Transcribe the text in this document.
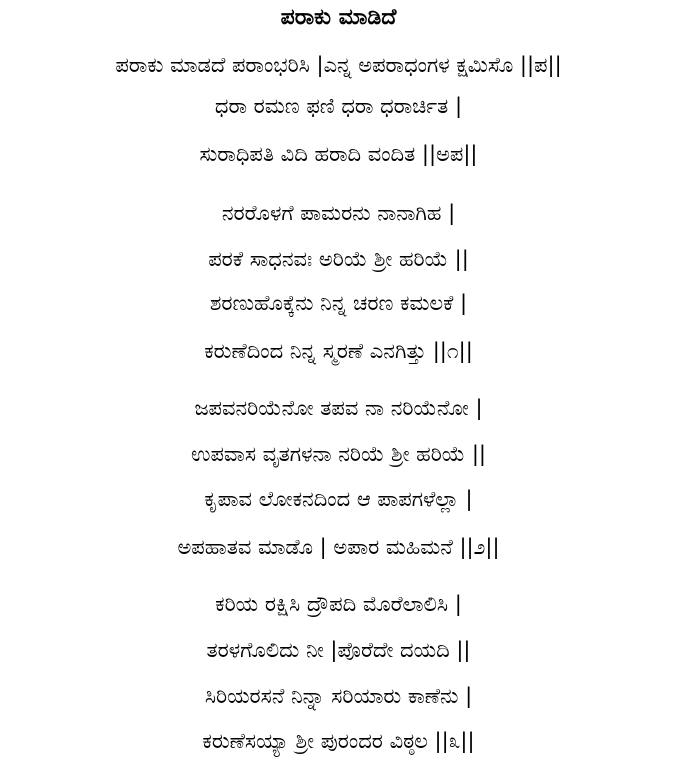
ಪರಾಕು ಮಾಡಿದೆ
ಪರಾಕು ಮಾಡದೆ ಪರಾಂಭರಿಸಿ |ಎನ್ನ ಅಪರಾಧಂಗಳ ಕ್ಷಮಿಸೊ ||ಪ||
ಧರಾ ರಮಣ ಫಣಿ ಧರಾ ಧರಾರ್ಚಿತ |
ಸುರಾಧಿಪತಿ ವಿದಿ ಹರಾದಿ ವಂದಿತ ||ಅಪ||
ನರರೊಳಗೆ ಪಾಮರನು ನಾನಾಗಿಹ |
ಪರಕೆ ಸಾಧನವಃ ಅರಿಯೆ ಶ್ರೀ ಹರಿಯೆ ||
ಶರಣುಹೊಕ್ಕೆನು ನಿನ್ನ ಚರಣ ಕಮಲಕೆ |
ಕರುಣೆದಿಂದ ನಿನ್ನ ಸ್ಮರಣೆ ಎನಗಿತ್ತು ||೧||
ಜಪವನರಿಯೆನೋ ತಪವ ನಾ ನರಿಯೆನೋ |
ಉಪವಾಸ ವೃತಗಳನಾ ನರಿಯೆ ಶ್ರೀ ಹರಿಯೆ ||
ಕೃಪಾವ ಲೋಕನದಿಂದ ಆ ಪಾಪಗಳೆಲ್ಲಾ |
ಅಪಹಾತವ ಮಾಡೊ | ಅಪಾರ ಮಹಿಮನೆ ||೨||
ಕರಿಯ ರಕ್ಷಿಸಿ ದ್ರೌಪದಿ ಮೊರೆಲಾಲಿಸಿ |
ತರಳಗೊಲಿದು ನೀ |ಪೊರೆದೇ ದಯದಿ ||
ಸಿರಿಯರಸನೆ ನಿನ್ನಾ ಸರಿಯಾರು ಕಾಣೆನು |
ಕರುಣೆಸಯ್ಯಾ ಶ್ರೀ ಪುರಂದರ ವಿಠ್ಠಲ ||೩||
